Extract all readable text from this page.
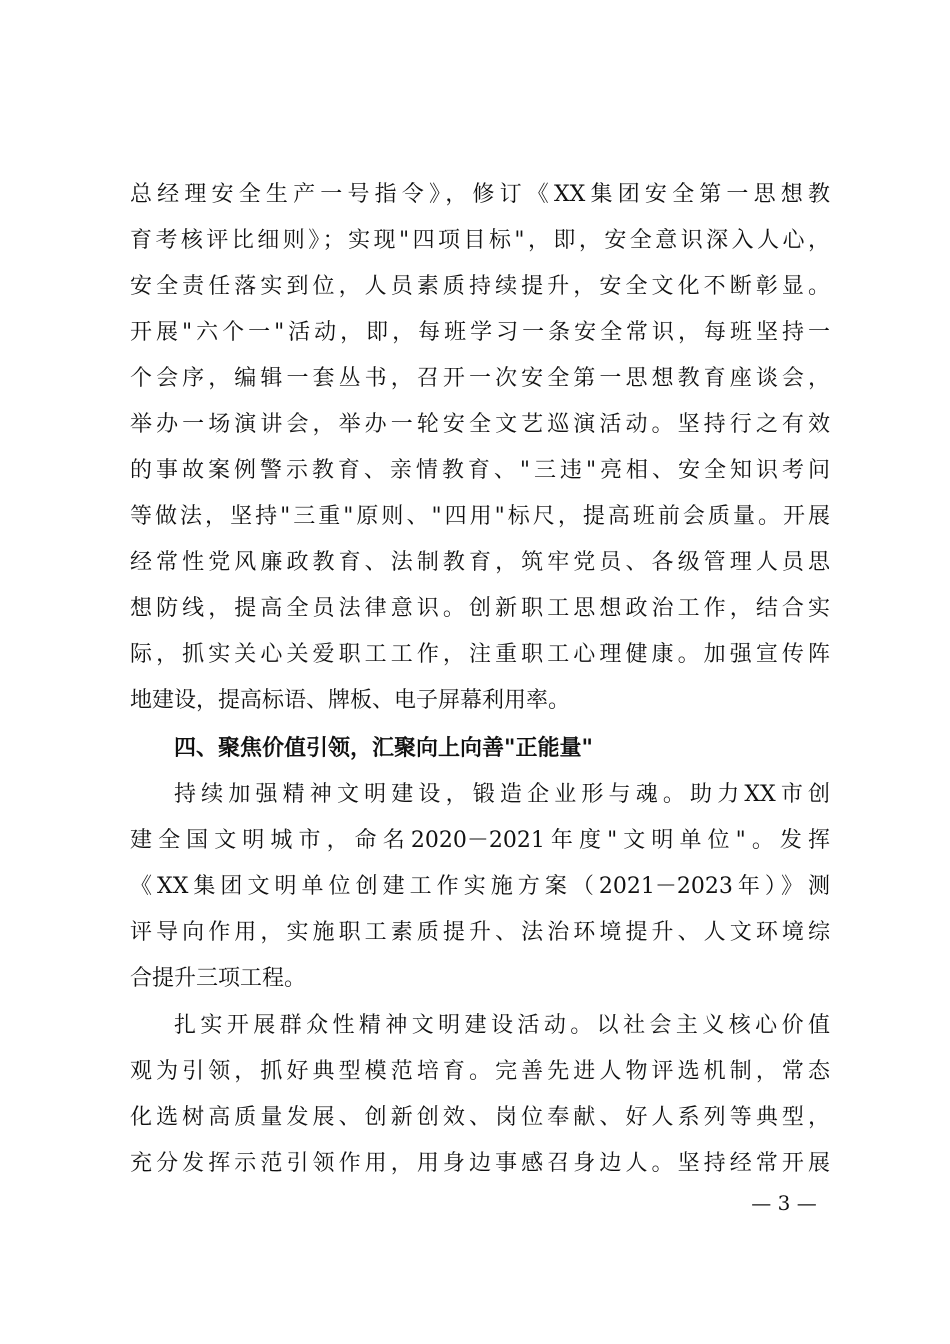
总经理安全生产一号指令》，修订《XX集团安全第一思想教
育考核评比细则》；实现"四项目标"，即，安全意识深入人心，
安全责任落实到位，人员素质持续提升，安全文化不断彰显。
开展"六个一"活动，即，每班学习一条安全常识，每班坚持一
个会序，编辑一套丛书，召开一次安全第一思想教育座谈会，
举办一场演讲会，举办一轮安全文艺巡演活动。坚持行之有效
的事故案例警示教育、亲情教育、"三违"亮相、安全知识考问
等做法，坚持"三重"原则、"四用"标尺，提高班前会质量。开展
经常性党风廉政教育、法制教育，筑牢党员、各级管理人员思
想防线，提高全员法律意识。创新职工思想政治工作，结合实
际，抓实关心关爱职工工作，注重职工心理健康。加强宣传阵
地建设，提高标语、牌板、电子屏幕利用率。
四、聚焦价值引领，汇聚向上向善"正能量"
持续加强精神文明建设，锻造企业形与魂。助力XX市创
建全国文明城市，命名2020－2021年度"文明单位"。发挥
《XX集团文明单位创建工作实施方案（2021－2023年）》测
评导向作用，实施职工素质提升、法治环境提升、人文环境综
合提升三项工程。
扎实开展群众性精神文明建设活动。以社会主义核心价值
观为引领，抓好典型模范培育。完善先进人物评选机制，常态
化选树高质量发展、创新创效、岗位奉献、好人系列等典型，
充分发挥示范引领作用，用身边事感召身边人。坚持经常开展
— 3 —
